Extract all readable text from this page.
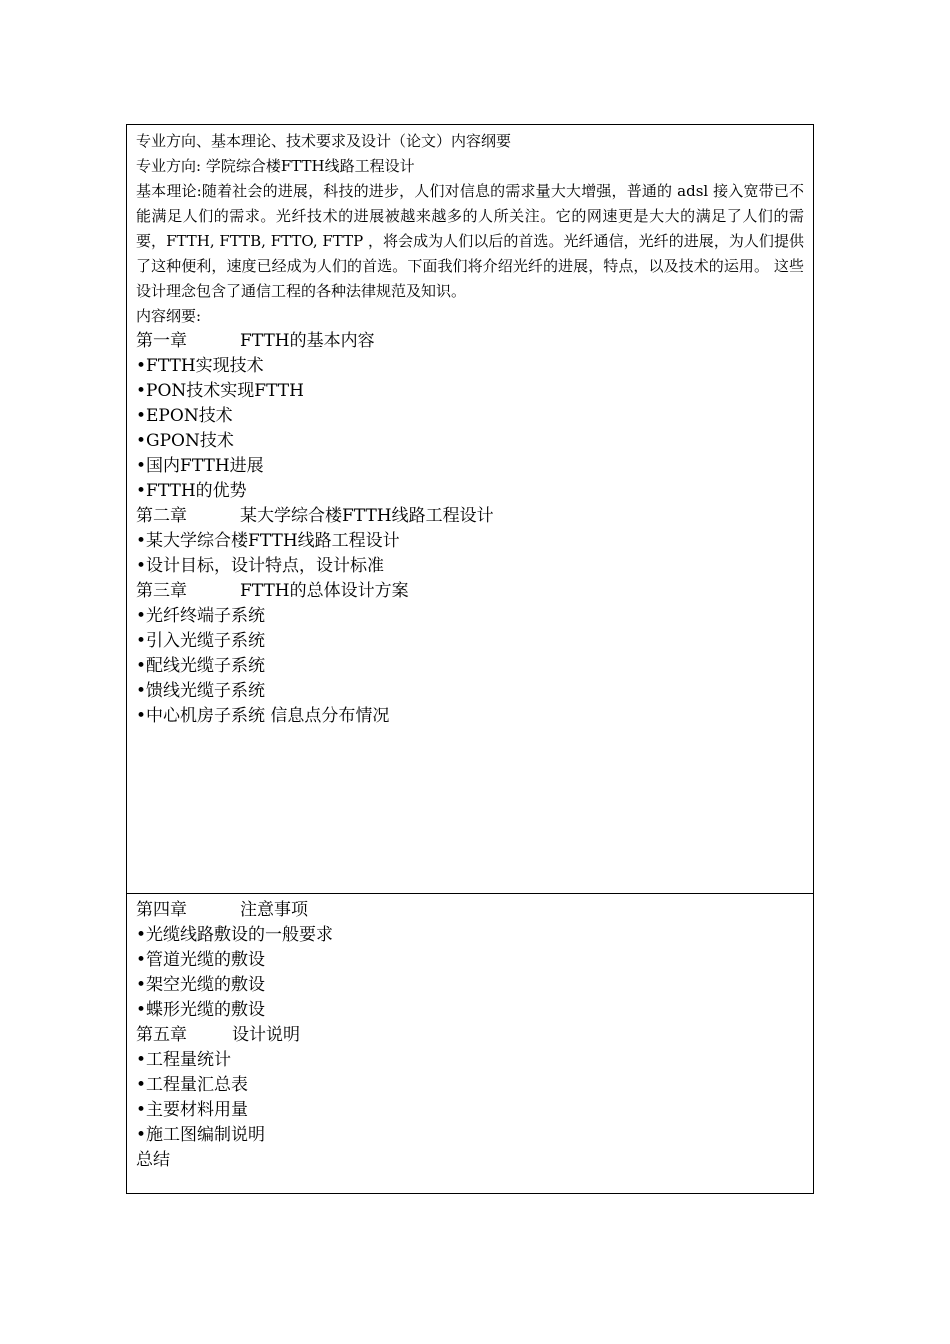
专业方向、基本理论、技术要求及设计（论文）内容纲要
专业方向: 学院综合楼FTTH线路工程设计
基本理论:随着社会的进展，科技的进步，人们对信息的需求量大大增强，普通的 adsl 接入宽带已不能满足人们的需求。光纤技术的进展被越来越多的人所关注。它的网速更是大大的满足了人们的需要，FTTH, FTTB, FTTO, FTTP ，将会成为人们以后的首选。光纤通信，光纤的进展，为人们提供了这种便利，速度已经成为人们的首选。下面我们将介绍光纤的进展，特点，以及技术的运用。 这些设计理念包含了通信工程的各种法律规范及知识。
内容纲要:
第一章	FTTH的基本内容
•FTTH实现技术
•PON技术实现FTTH
•EPON技术
•GPON技术
•国内FTTH进展
•FTTH的优势
第二章	某大学综合楼FTTH线路工程设计
•某大学综合楼FTTH线路工程设计
•设计目标，设计特点，设计标准
第三章	FTTH的总体设计方案
•光纤终端子系统
•引入光缆子系统
•配线光缆子系统
•馈线光缆子系统
•中心机房子系统 信息点分布情况
第四章	注意事项
•光缆线路敷设的一般要求
•管道光缆的敷设
•架空光缆的敷设
•蝶形光缆的敷设
第五章	设计说明
•工程量统计
•工程量汇总表
•主要材料用量
•施工图编制说明
总结
